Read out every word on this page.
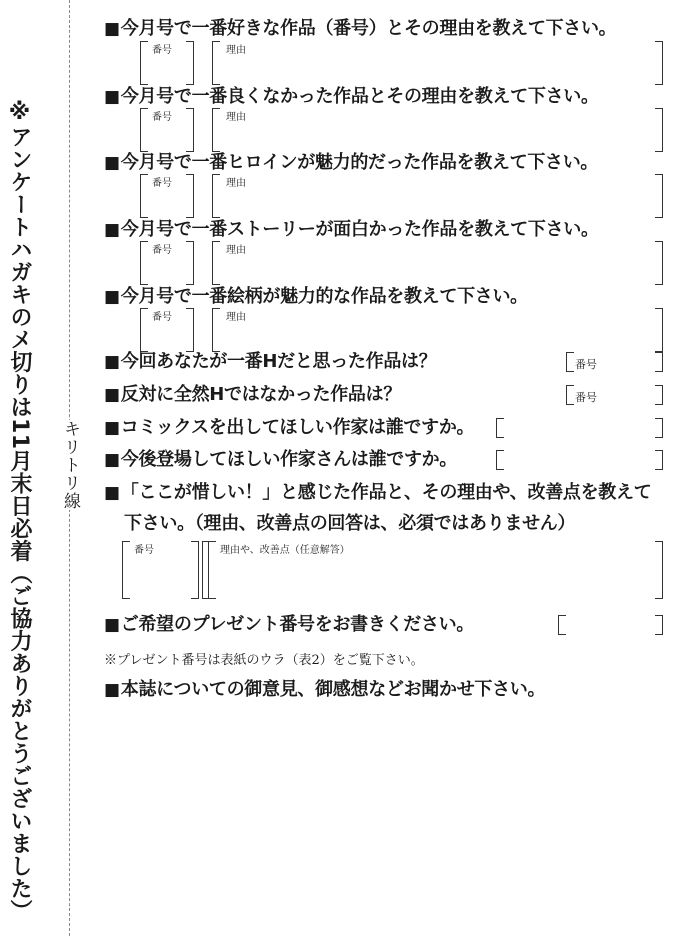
※アンケートハガキのメ切りは11月末日必着（ご協力ありがとうございました） キリトリ線
■今月号で一番好きな作品（番号）とその理由を教えて下さい。
番号	理由
■今月号で一番良くなかった作品とその理由を教えて下さい。
番号	理由
■今月号で一番ヒロインが魅力的だった作品を教えて下さい。
番号	理由
■今月号で一番ストーリーが面白かった作品を教えて下さい。
番号	理由
■今月号で一番絵柄が魅力的な作品を教えて下さい。
番号	理由
■今回あなたが一番Hだと思った作品は？	番号
■反対に全然Hではなかった作品は？	番号
■コミックスを出してほしい作家は誰ですか。
■今後登場してほしい作家さんは誰ですか。
■「ここが惜しい！」と感じた作品と、その理由や、改善点を教えて
下さい。（理由、改善点の回答は、必須ではありません）
番号	理由や、改善点（任意解答）
■ご希望のプレゼント番号をお書きください。
※プレゼント番号は表紙のウラ（表2）をご覧下さい。
■本誌についての御意見、御感想などお聞かせ下さい。
